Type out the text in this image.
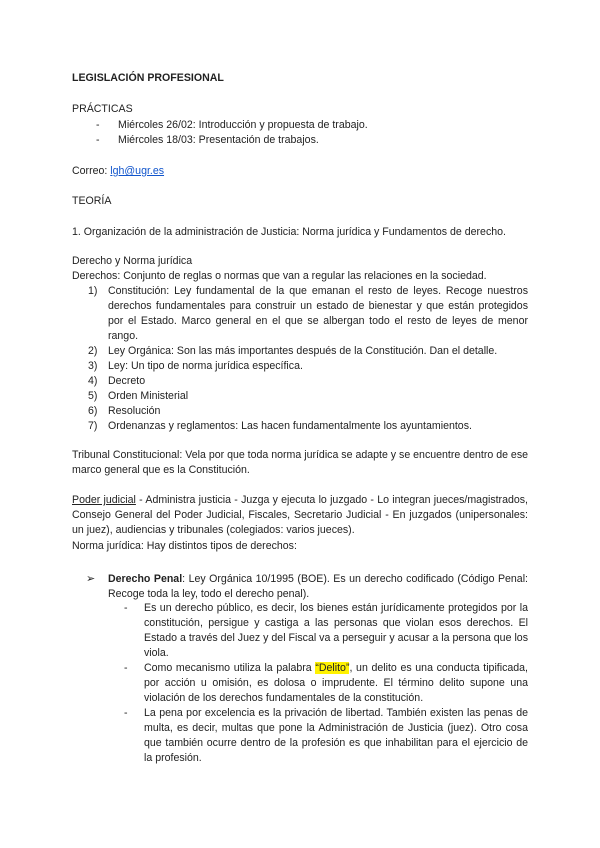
LEGISLACIÓN PROFESIONAL

PRÁCTICAS

- Miércoles 26/02: Introducción y propuesta de trabajo.
- Miércoles 18/03: Presentación de trabajos.

Correo: lgh@ugr.es

TEORÍA

1. Organización de la administración de Justicia: Norma jurídica y Fundamentos de derecho.

Derecho y Norma jurídica

Derechos: Conjunto de reglas o normas que van a regular las relaciones en la sociedad.

1) Constitución: Ley fundamental de la que emanan el resto de leyes. Recoge nuestros derechos fundamentales para construir un estado de bienestar y que están protegidos por el Estado. Marco general en el que se albergan todo el resto de leyes de menor rango.
2) Ley Orgánica: Son las más importantes después de la Constitución. Dan el detalle.
3) Ley: Un tipo de norma jurídica específica.
4) Decreto
5) Orden Ministerial
6) Resolución
7) Ordenanzas y reglamentos: Las hacen fundamentalmente los ayuntamientos.

Tribunal Constitucional: Vela por que toda norma jurídica se adapte y se encuentre dentro de ese marco general que es la Constitución.

Poder judicial - Administra justicia - Juzga y ejecuta lo juzgado - Lo integran jueces/magistrados, Consejo General del Poder Judicial, Fiscales, Secretario Judicial - En juzgados (unipersonales: un juez), audiencias y tribunales (colegiados: varios jueces).

Norma jurídica: Hay distintos tipos de derechos:

➢ Derecho Penal: Ley Orgánica 10/1995 (BOE). Es un derecho codificado (Código Penal: Recoge toda la ley, todo el derecho penal).

- Es un derecho público, es decir, los bienes están jurídicamente protegidos por la constitución, persigue y castiga a las personas que violan esos derechos. El Estado a través del Juez y del Fiscal va a perseguir y acusar a la persona que los viola.
- Como mecanismo utiliza la palabra “Delito”, un delito es una conducta tipificada, por acción u omisión, es dolosa o imprudente. El término delito supone una violación de los derechos fundamentales de la constitución.
- La pena por excelencia es la privación de libertad. También existen las penas de multa, es decir, multas que pone la Administración de Justicia (juez). Otro cosa que también ocurre dentro de la profesión es que inhabilitan para el ejercicio de la profesión.
